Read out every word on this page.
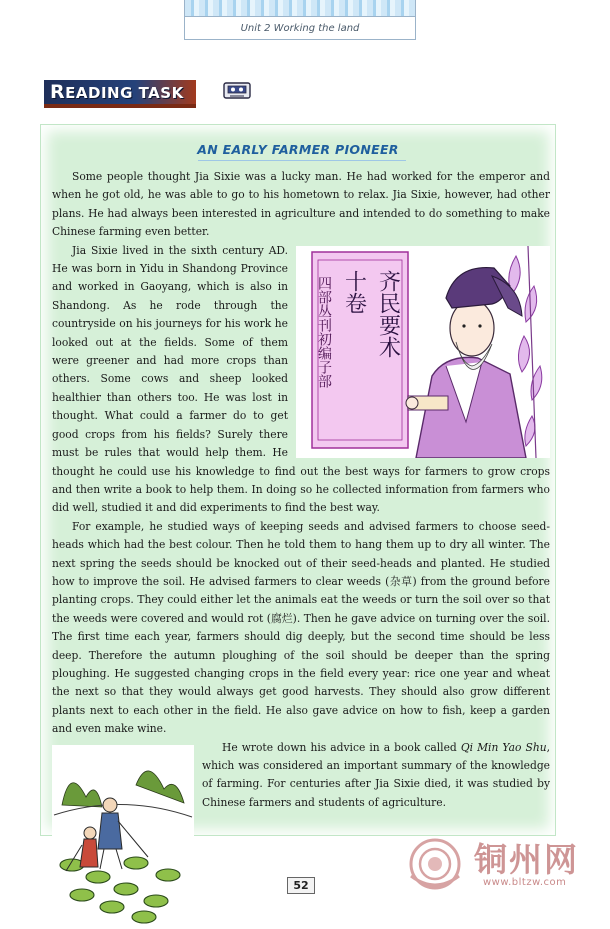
Unit 2 Working the land
READING TASK
AN EARLY FARMER PIONEER

Some people thought Jia Sixie was a lucky man. He had worked for the emperor and when he got old, he was able to go to his hometown to relax. Jia Sixie, however, had other plans. He had always been interested in agriculture and intended to do something to make Chinese farming even better.

四部丛刊初编子部 十卷 齐民要术

Jia Sixie lived in the sixth century AD. He was born in Yidu in Shandong Province and worked in Gaoyang, which is also in Shandong. As he rode through the countryside on his journeys for his work he looked out at the fields. Some of them were greener and had more crops than others. Some cows and sheep looked healthier than others too. He was lost in thought. What could a farmer do to get good crops from his fields? Surely there must be rules that would help them. He thought he could use his knowledge to find out the best ways for farmers to grow crops and then write a book to help them. In doing so he collected information from farmers who did well, studied it and did experiments to find the best way.

For example, he studied ways of keeping seeds and advised farmers to choose seed-heads which had the best colour. Then he told them to hang them up to dry all winter. The next spring the seeds should be knocked out of their seed-heads and planted. He studied how to improve the soil. He advised farmers to clear weeds (杂草) from the ground before planting crops. They could either let the animals eat the weeds or turn the soil over so that the weeds were covered and would rot (腐烂). Then he gave advice on turning over the soil. The first time each year, farmers should dig deeply, but the second time should be less deep. Therefore the autumn ploughing of the soil should be deeper than the spring ploughing. He suggested changing crops in the field every year: rice one year and wheat the next so that they would always get good harvests. They should also grow different plants next to each other in the field. He also gave advice on how to fish, keep a garden and even make wine.

He wrote down his advice in a book called Qi Min Yao Shu, which was considered an important summary of the knowledge of farming. For centuries after Jia Sixie died, it was studied by Chinese farmers and students of agriculture.

52
铜州网
www.bltzw.com
